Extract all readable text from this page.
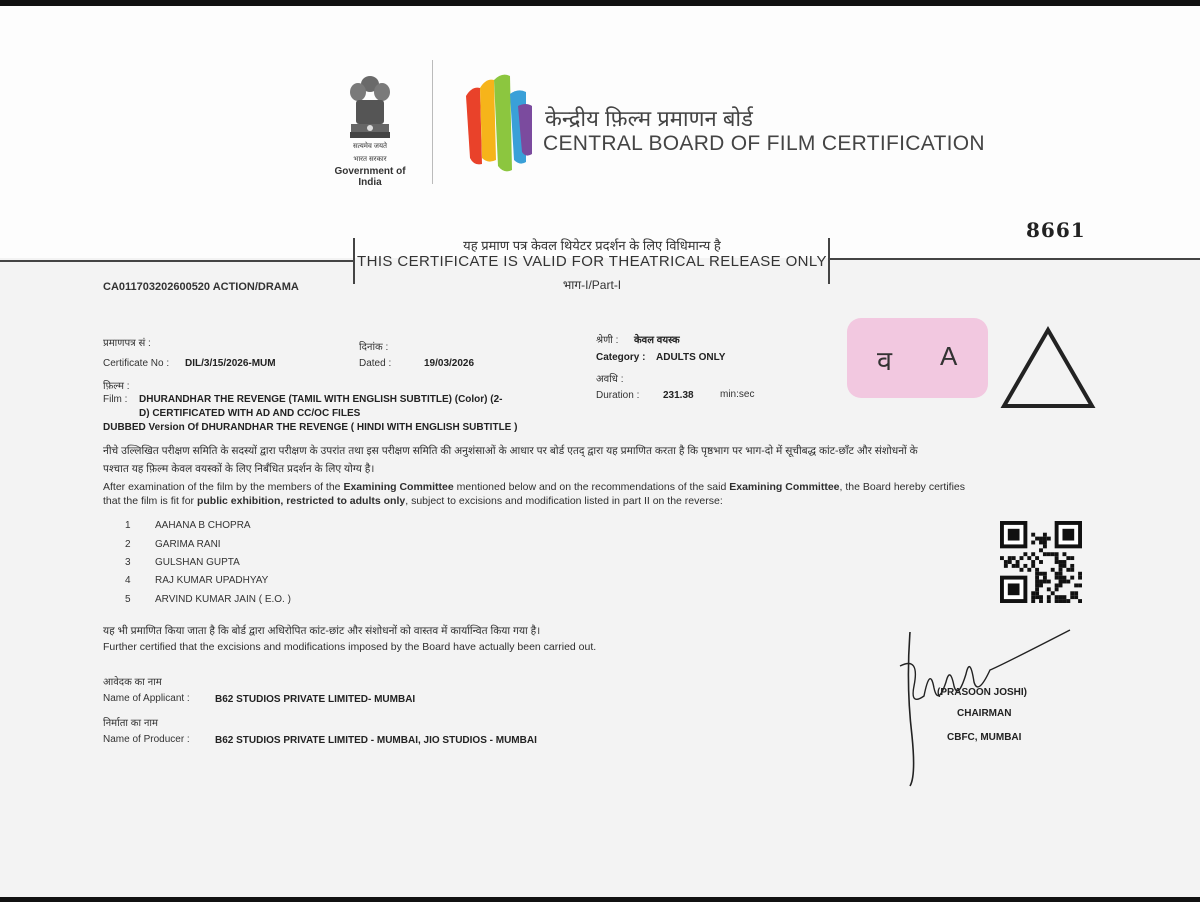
सत्यमेव जयते
भारत सरकार
Government of India
केन्द्रीय फ़िल्म प्रमाणन बोर्ड
CENTRAL BOARD OF FILM CERTIFICATION
8661
यह प्रमाण पत्र केवल थियेटर प्रदर्शन के लिए विधिमान्य है
THIS CERTIFICATE IS VALID FOR THEATRICAL RELEASE ONLY
भाग-I/Part-I
CA011703202600520 ACTION/DRAMA
प्रमाणपत्र सं :
Certificate No : DIL/3/15/2026-MUM
दिनांक :
Dated :	19/03/2026
श्रेणी : केवल वयस्क
Category : ADULTS ONLY
अवधि :
Duration : 231.38	min:sec
व A
फ़िल्म :
Film : DHURANDHAR THE REVENGE (TAMIL WITH ENGLISH SUBTITLE) (Color) (2-
D) CERTIFICATED WITH AD AND CC/OC FILES
DUBBED Version Of DHURANDHAR THE REVENGE ( HINDI WITH ENGLISH SUBTITLE )
नीचे उल्लिखित परीक्षण समिति के सदस्यों द्वारा परीक्षण के उपरांत तथा इस परीक्षण समिति की अनुशंसाओं के आधार पर बोर्ड एतद् द्वारा यह प्रमाणित करता है कि पृष्ठभाग पर भाग-दो में सूचीबद्ध कांट-छाँट और संशोधनों के
पश्चात यह फ़िल्म केवल वयस्कों के लिए निर्बंधित प्रदर्शन के लिए योग्य है।
After examination of the film by the members of the Examining Committee mentioned below and on the recommendations of the said Examining Committee, the Board hereby certifies
that the film is fit for public exhibition, restricted to adults only, subject to excisions and modification listed in part II on the reverse:
1 AAHANA B CHOPRA
2 GARIMA RANI
3 GULSHAN GUPTA
4 RAJ KUMAR UPADHYAY
5 ARVIND KUMAR JAIN ( E.O. )
यह भी प्रमाणित किया जाता है कि बोर्ड द्वारा अधिरोपित कांट-छांट और संशोधनों को वास्तव में कार्यान्वित किया गया है।
Further certified that the excisions and modifications imposed by the Board have actually been carried out.
आवेदक का नाम
Name of Applicant :	B62 STUDIOS PRIVATE LIMITED- MUMBAI
निर्माता का नाम
Name of Producer :	B62 STUDIOS PRIVATE LIMITED - MUMBAI, JIO STUDIOS - MUMBAI
(PRASOON JOSHI)
CHAIRMAN
CBFC, MUMBAI
